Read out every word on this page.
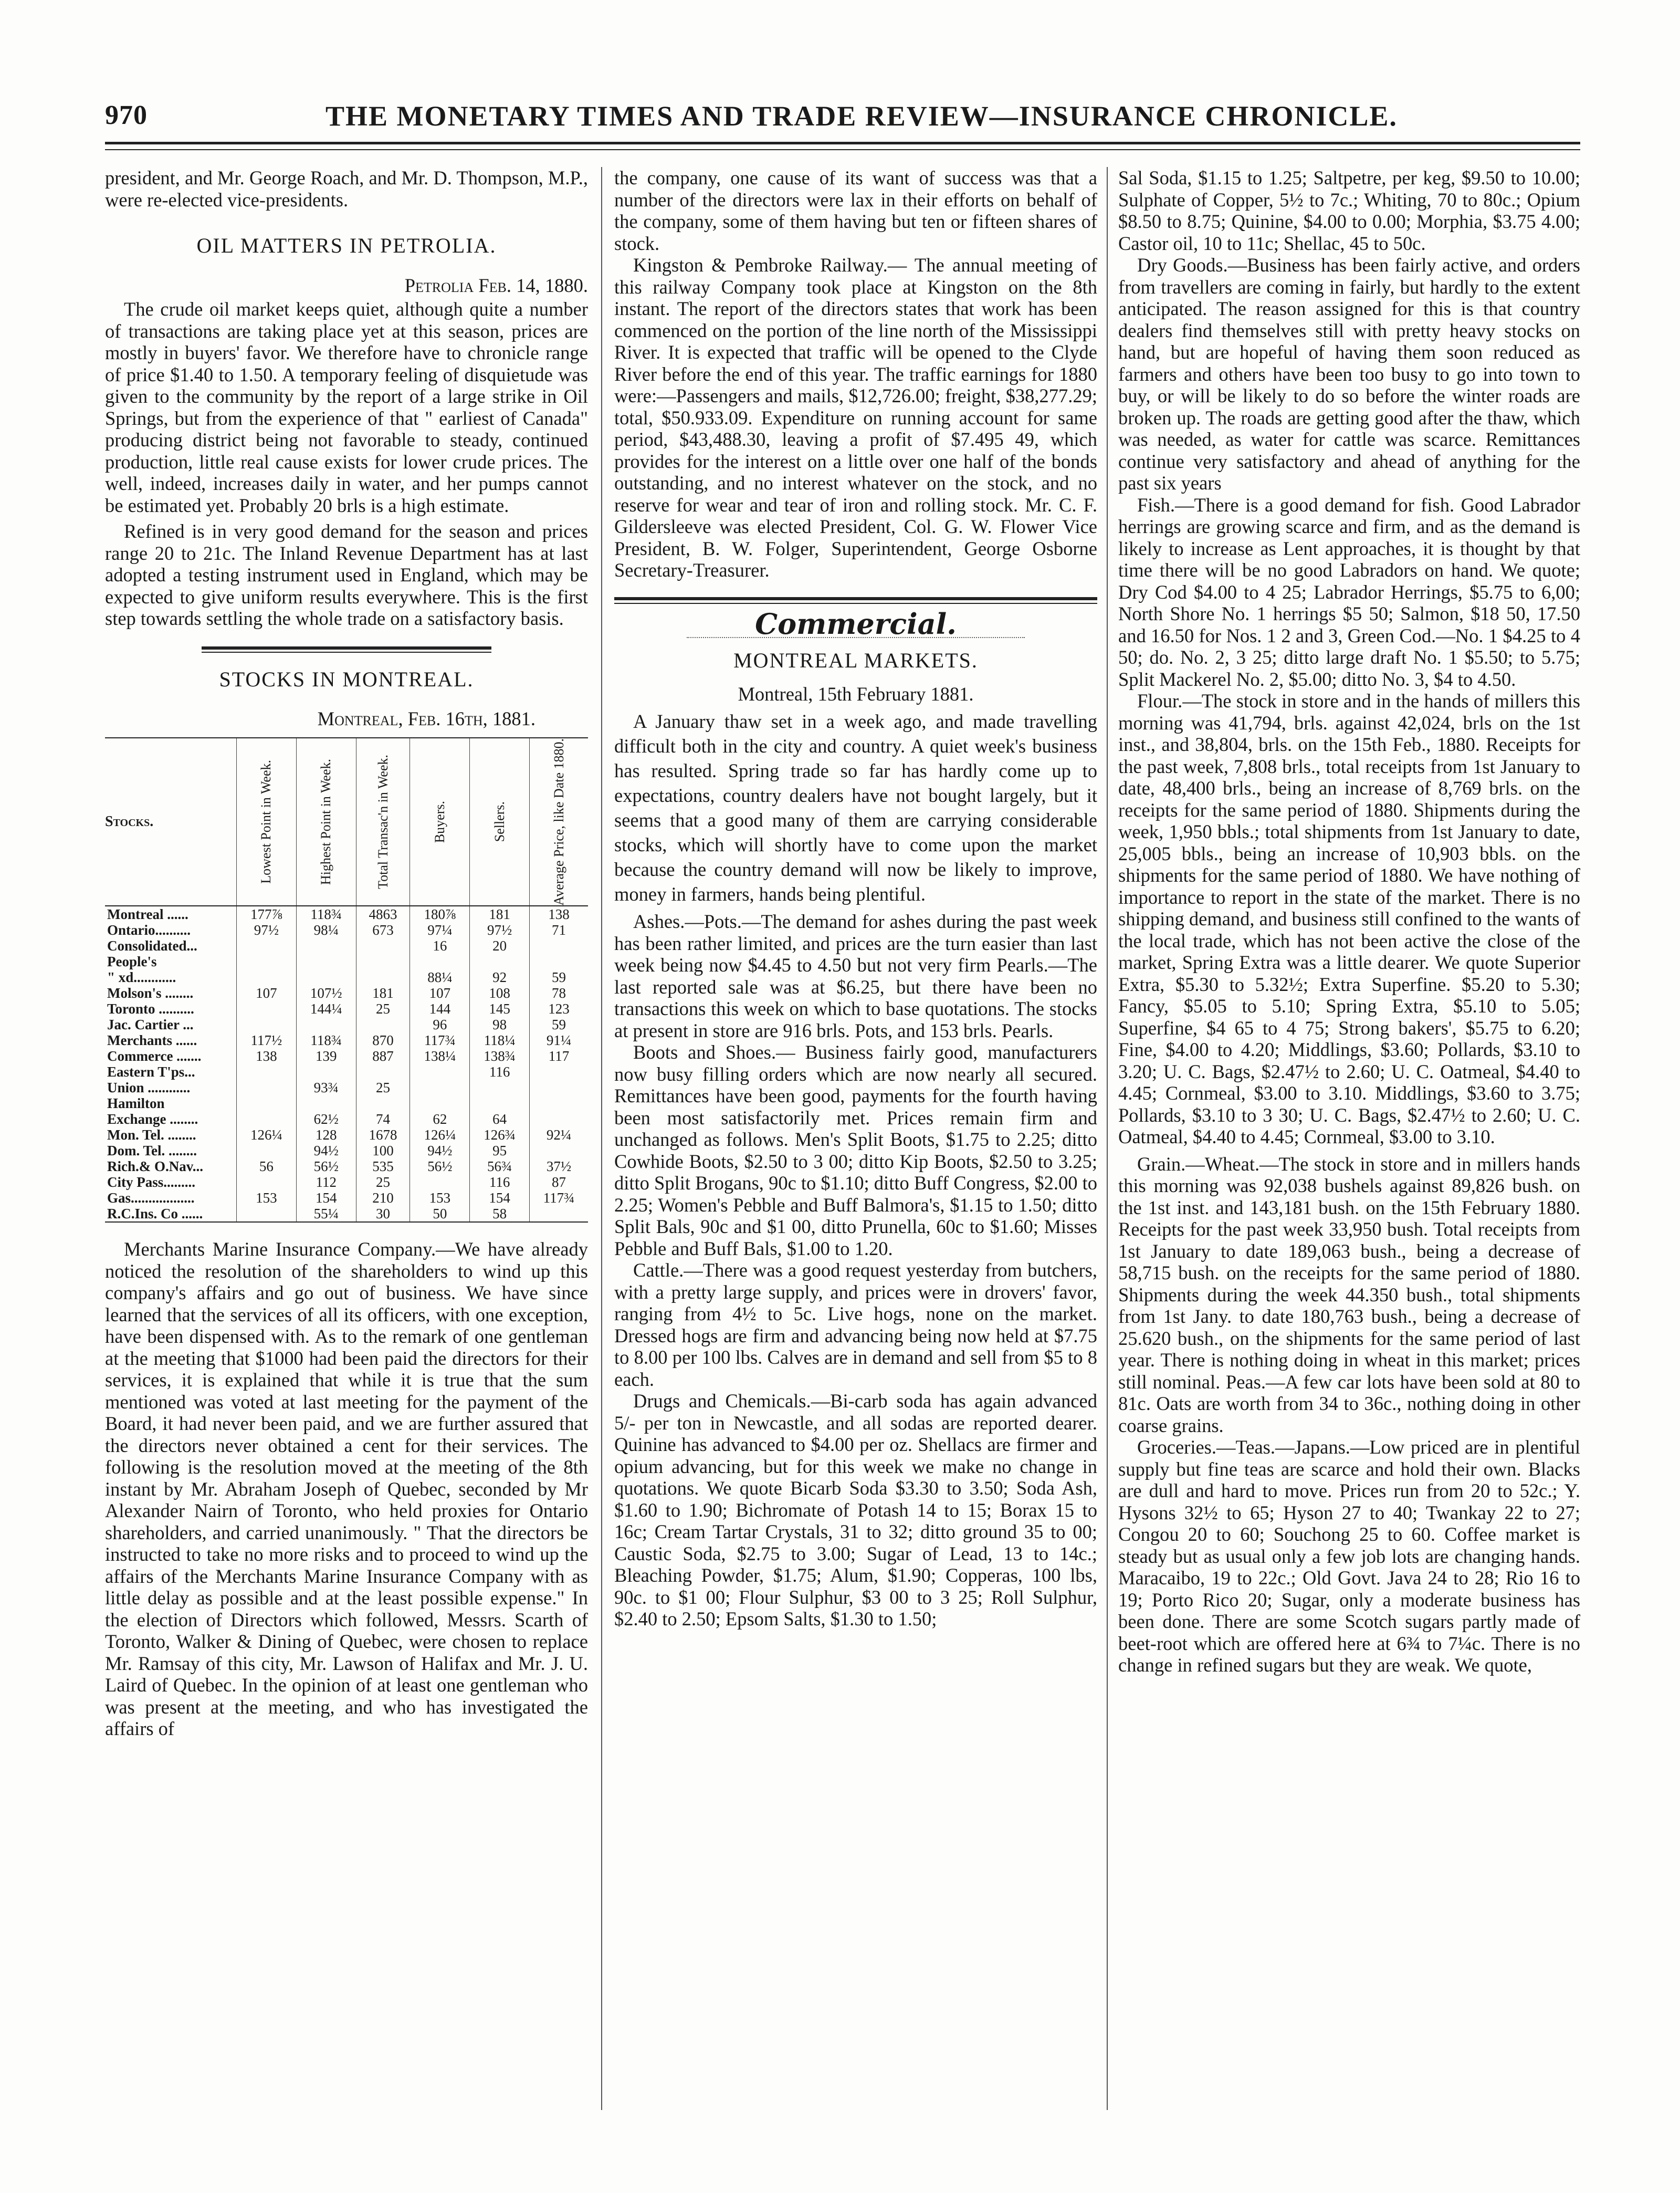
970	THE MONETARY TIMES AND TRADE REVIEW—INSURANCE CHRONICLE.

president, and Mr. George Roach, and Mr. D. Thompson, M.P., were re-elected vice-presidents.

OIL MATTERS IN PETROLIA.

Petrolia Feb. 14, 1880.

The crude oil market keeps quiet, although quite a number of transactions are taking place yet at this season, prices are mostly in buyers' favor. We therefore have to chronicle range of price $1.40 to 1.50. A temporary feeling of disquietude was given to the community by the report of a large strike in Oil Springs, but from the experience of that " earliest of Canada" producing district being not favorable to steady, continued production, little real cause exists for lower crude prices. The well, indeed, increases daily in water, and her pumps cannot be estimated yet. Probably 20 brls is a high estimate.

Refined is in very good demand for the season and prices range 20 to 21c. The Inland Revenue Department has at last adopted a testing instrument used in England, which may be expected to give uniform results everywhere. This is the first step towards settling the whole trade on a satisfactory basis.

STOCKS IN MONTREAL.

Montreal, Feb. 16th, 1881.

Stocks.	Lowest Point in Week.	Highest Point in Week.	Total Transac'n in Week.	Buyers.	Sellers.	Average Price, like Date 1880.

Montreal ......	177⅞	118¾	4863	180⅞	181	138
Ontario..........	97½	98¼	673	97¼	97½	71
Consolidated...				16	20	
People's						
" xd............				88¼	92	59
Molson's ........	107	107½	181	107	108	78
Toronto ..........		144¼	25	144	145	123
Jac. Cartier ...				96	98	59
Merchants ......	117½	118¾	870	117¾	118¼	91¼
Commerce .......	138	139	887	138¼	138¾	117
Eastern T'ps...					116	
Union ............		93¾	25			
Hamilton						
Exchange ........		62½	74	62	64	
Mon. Tel. ........	126¼	128	1678	126¼	126¾	92¼
Dom. Tel. ........		94½	100	94½	95	
Rich.& O.Nav...	56	56½	535	56½	56¾	37½
City Pass.........		112	25		116	87
Gas..................	153	154	210	153	154	117¾
R.C.Ins. Co ......		55¼	30	50	58	

Merchants Marine Insurance Company.—We have already noticed the resolution of the shareholders to wind up this company's affairs and go out of business. We have since learned that the services of all its officers, with one exception, have been dispensed with. As to the remark of one gentleman at the meeting that $1000 had been paid the directors for their services, it is explained that while it is true that the sum mentioned was voted at last meeting for the payment of the Board, it had never been paid, and we are further assured that the directors never obtained a cent for their services. The following is the resolution moved at the meeting of the 8th instant by Mr. Abraham Joseph of Quebec, seconded by Mr Alexander Nairn of Toronto, who held proxies for Ontario shareholders, and carried unanimously. " That the directors be instructed to take no more risks and to proceed to wind up the affairs of the Merchants Marine Insurance Company with as little delay as possible and at the least possible expense." In the election of Directors which followed, Messrs. Scarth of Toronto, Walker & Dining of Quebec, were chosen to replace Mr. Ramsay of this city, Mr. Lawson of Halifax and Mr. J. U. Laird of Quebec. In the opinion of at least one gentleman who was present at the meeting, and who has investigated the affairs of

the company, one cause of its want of success was that a number of the directors were lax in their efforts on behalf of the company, some of them having but ten or fifteen shares of stock.

Kingston & Pembroke Railway.— The annual meeting of this railway Company took place at Kingston on the 8th instant. The report of the directors states that work has been commenced on the portion of the line north of the Mississippi River. It is expected that traffic will be opened to the Clyde River before the end of this year. The traffic earnings for 1880 were:—Passengers and mails, $12,726.00; freight, $38,277.29; total, $50.933.09. Expenditure on running account for same period, $43,488.30, leaving a profit of $7.495 49, which provides for the interest on a little over one half of the bonds outstanding, and no interest whatever on the stock, and no reserve for wear and tear of iron and rolling stock. Mr. C. F. Gildersleeve was elected President, Col. G. W. Flower Vice President, B. W. Folger, Superintendent, George Osborne Secretary-Treasurer.

Commercial.
MONTREAL MARKETS.

Montreal, 15th February 1881.

A January thaw set in a week ago, and made travelling difficult both in the city and country. A quiet week's business has resulted. Spring trade so far has hardly come up to expectations, country dealers have not bought largely, but it seems that a good many of them are carrying considerable stocks, which will shortly have to come upon the market because the country demand will now be likely to improve, money in farmers, hands being plentiful.

Ashes.—Pots.—The demand for ashes during the past week has been rather limited, and prices are the turn easier than last week being now $4.45 to 4.50 but not very firm Pearls.—The last reported sale was at $6.25, but there have been no transactions this week on which to base quotations. The stocks at present in store are 916 brls. Pots, and 153 brls. Pearls.

Boots and Shoes.— Business fairly good, manufacturers now busy filling orders which are now nearly all secured. Remittances have been good, payments for the fourth having been most satisfactorily met. Prices remain firm and unchanged as follows. Men's Split Boots, $1.75 to 2.25; ditto Cowhide Boots, $2.50 to 3 00; ditto Kip Boots, $2.50 to 3.25; ditto Split Brogans, 90c to $1.10; ditto Buff Congress, $2.00 to 2.25; Women's Pebble and Buff Balmora's, $1.15 to 1.50; ditto Split Bals, 90c and $1 00, ditto Prunella, 60c to $1.60; Misses Pebble and Buff Bals, $1.00 to 1.20.

Cattle.—There was a good request yesterday from butchers, with a pretty large supply, and prices were in drovers' favor, ranging from 4½ to 5c. Live hogs, none on the market. Dressed hogs are firm and advancing being now held at $7.75 to 8.00 per 100 lbs. Calves are in demand and sell from $5 to 8 each.

Drugs and Chemicals.—Bi-carb soda has again advanced 5/- per ton in Newcastle, and all sodas are reported dearer. Quinine has advanced to $4.00 per oz. Shellacs are firmer and opium advancing, but for this week we make no change in quotations. We quote Bicarb Soda $3.30 to 3.50; Soda Ash, $1.60 to 1.90; Bichromate of Potash 14 to 15; Borax 15 to 16c; Cream Tartar Crystals, 31 to 32; ditto ground 35 to 00; Caustic Soda, $2.75 to 3.00; Sugar of Lead, 13 to 14c.; Bleaching Powder, $1.75; Alum, $1.90; Copperas, 100 lbs, 90c. to $1 00; Flour Sulphur, $3 00 to 3 25; Roll Sulphur, $2.40 to 2.50; Epsom Salts, $1.30 to 1.50;

Sal Soda, $1.15 to 1.25; Saltpetre, per keg, $9.50 to 10.00; Sulphate of Copper, 5½ to 7c.; Whiting, 70 to 80c.; Opium $8.50 to 8.75; Quinine, $4.00 to 0.00; Morphia, $3.75 4.00; Castor oil, 10 to 11c; Shellac, 45 to 50c.

Dry Goods.—Business has been fairly active, and orders from travellers are coming in fairly, but hardly to the extent anticipated. The reason assigned for this is that country dealers find themselves still with pretty heavy stocks on hand, but are hopeful of having them soon reduced as farmers and others have been too busy to go into town to buy, or will be likely to do so before the winter roads are broken up. The roads are getting good after the thaw, which was needed, as water for cattle was scarce. Remittances continue very satisfactory and ahead of anything for the past six years

Fish.—There is a good demand for fish. Good Labrador herrings are growing scarce and firm, and as the demand is likely to increase as Lent approaches, it is thought by that time there will be no good Labradors on hand. We quote; Dry Cod $4.00 to 4 25; Labrador Herrings, $5.75 to 6,00; North Shore No. 1 herrings $5 50; Salmon, $18 50, 17.50 and 16.50 for Nos. 1 2 and 3, Green Cod.—No. 1 $4.25 to 4 50; do. No. 2, 3 25; ditto large draft No. 1 $5.50; to 5.75; Split Mackerel No. 2, $5.00; ditto No. 3, $4 to 4.50.

Flour.—The stock in store and in the hands of millers this morning was 41,794, brls. against 42,024, brls on the 1st inst., and 38,804, brls. on the 15th Feb., 1880. Receipts for the past week, 7,808 brls., total receipts from 1st January to date, 48,400 brls., being an increase of 8,769 brls. on the receipts for the same period of 1880. Shipments during the week, 1,950 bbls.; total shipments from 1st January to date, 25,005 bbls., being an increase of 10,903 bbls. on the shipments for the same period of 1880. We have nothing of importance to report in the state of the market. There is no shipping demand, and business still confined to the wants of the local trade, which has not been active the close of the market, Spring Extra was a little dearer. We quote Superior Extra, $5.30 to 5.32½; Extra Superfine. $5.20 to 5.30; Fancy, $5.05 to 5.10; Spring Extra, $5.10 to 5.05; Superfine, $4 65 to 4 75; Strong bakers', $5.75 to 6.20; Fine, $4.00 to 4.20; Middlings, $3.60; Pollards, $3.10 to 3.20; U. C. Bags, $2.47½ to 2.60; U. C. Oatmeal, $4.40 to 4.45; Cornmeal, $3.00 to 3.10. Middlings, $3.60 to 3.75; Pollards, $3.10 to 3 30; U. C. Bags, $2.47½ to 2.60; U. C. Oatmeal, $4.40 to 4.45; Cornmeal, $3.00 to 3.10.

Grain.—Wheat.—The stock in store and in millers hands this morning was 92,038 bushels against 89,826 bush. on the 1st inst. and 143,181 bush. on the 15th February 1880. Receipts for the past week 33,950 bush. Total receipts from 1st January to date 189,063 bush., being a decrease of 58,715 bush. on the receipts for the same period of 1880. Shipments during the week 44.350 bush., total shipments from 1st Jany. to date 180,763 bush., being a decrease of 25.620 bush., on the shipments for the same period of last year. There is nothing doing in wheat in this market; prices still nominal. Peas.—A few car lots have been sold at 80 to 81c. Oats are worth from 34 to 36c., nothing doing in other coarse grains.

Groceries.—Teas.—Japans.—Low priced are in plentiful supply but fine teas are scarce and hold their own. Blacks are dull and hard to move. Prices run from 20 to 52c.; Y. Hysons 32½ to 65; Hyson 27 to 40; Twankay 22 to 27; Congou 20 to 60; Souchong 25 to 60. Coffee market is steady but as usual only a few job lots are changing hands. Maracaibo, 19 to 22c.; Old Govt. Java 24 to 28; Rio 16 to 19; Porto Rico 20; Sugar, only a moderate business has been done. There are some Scotch sugars partly made of beet-root which are offered here at 6¾ to 7¼c. There is no change in refined sugars but they are weak. We quote,
